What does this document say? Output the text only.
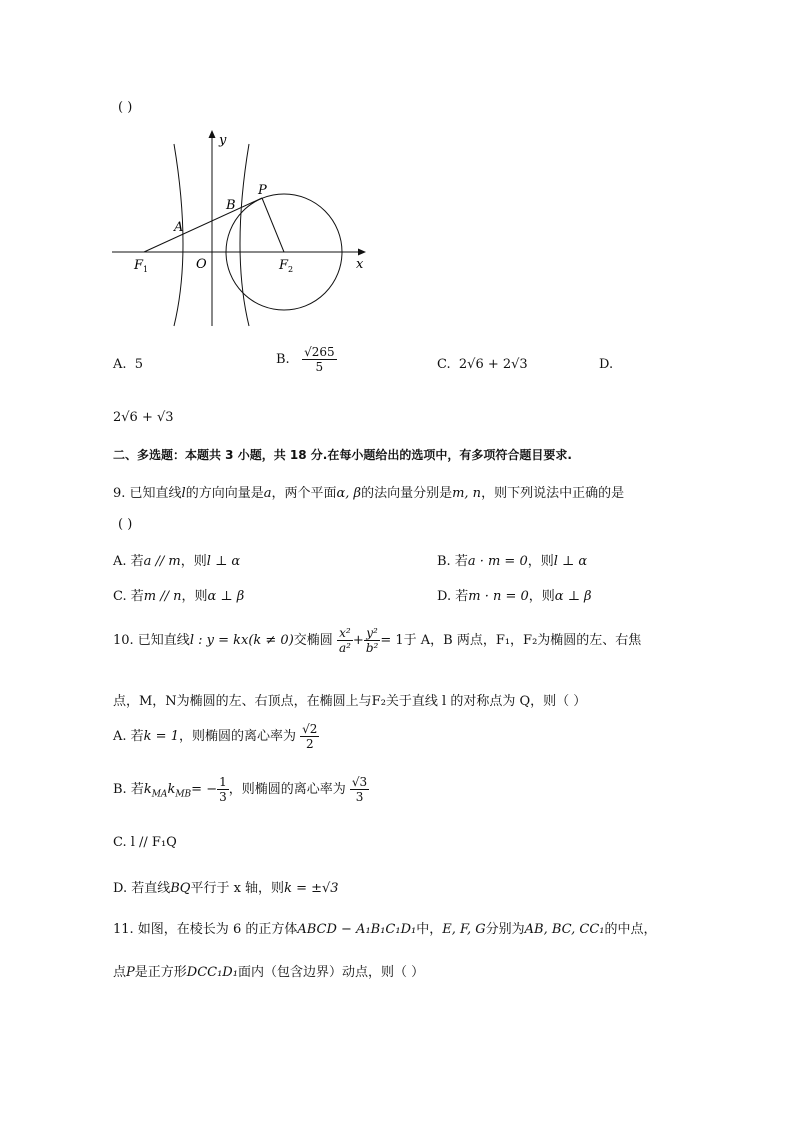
( )
y
x
P
B
A
O
$F_1$	$F_2$
A. 5	B. $\frac{√265}{5}$	C. 2√6 + 2√3	D.
2√6 + √3
二、多选题：本题共 3 小题，共 18 分.在每小题给出的选项中，有多项符合题目要求.
9. 已知直线l的方向向量是a，两个平面α, β的法向量分别是m, n，则下列说法中正确的是
( )
A. 若a // m，则l ⊥ α	B. 若a · m = 0，则l ⊥ α
C. 若m // n，则α ⊥ β	D. 若m · n = 0，则α ⊥ β
10. 已知直线l : y = kx(k ≠ 0)交椭圆 $\frac{\text{x²}}{\text{a²}} + \frac{\text{y²}}{\text{b²}} = 1$于 A，B 两点，F₁，F₂为椭圆的左、右焦
点，M，N为椭圆的左、右顶点，在椭圆上与F₂关于直线 l 的对称点为 Q，则（ ）
A. 若k = 1，则椭圆的离心率为 $\frac{√2}{2}$
B. 若$k_{MA}k_{MB}= - \frac{1}{3}$ ，则椭圆的离心率为 $\frac{√3}{3}$
C. l // F₁Q
D. 若直线BQ平行于 x 轴，则k = ±√3
11. 如图，在棱长为 6 的正方体ABCD − A₁B₁C₁D₁中，E, F, G分别为AB, BC, CC₁的中点，
点P是正方形DCC₁D₁面内（包含边界）动点，则（ ）
